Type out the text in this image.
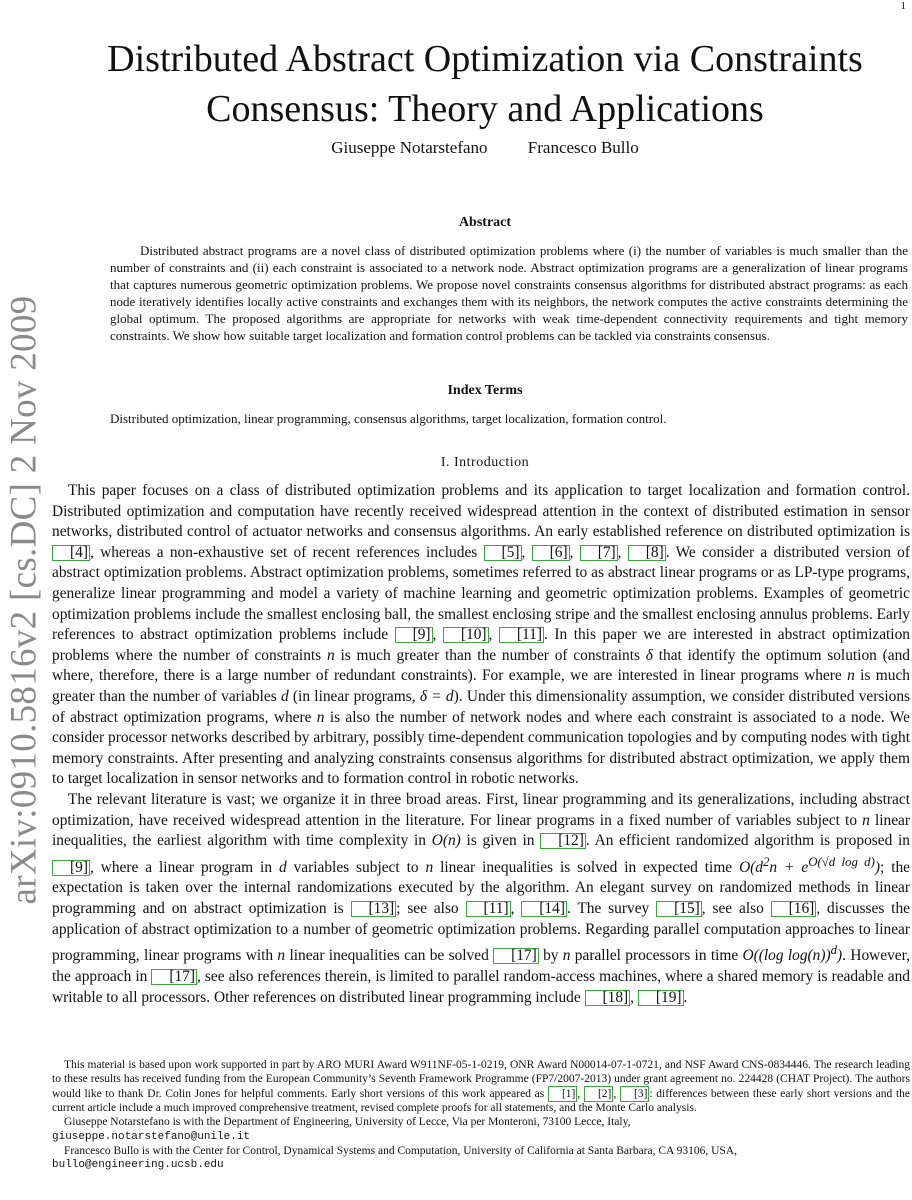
1
arXiv:0910.5816v2 [cs.DC] 2 Nov 2009
Distributed Abstract Optimization via Constraints
Consensus: Theory and Applications
Giuseppe Notarstefano Francesco Bullo
Abstract

Distributed abstract programs are a novel class of distributed optimization problems where (i) the number of variables is much smaller than the number of constraints and (ii) each constraint is associated to a network node. Abstract optimization programs are a generalization of linear programs that captures numerous geometric optimization problems. We propose novel constraints consensus algorithms for distributed abstract programs: as each node iteratively identifies locally active constraints and exchanges them with its neighbors, the network computes the active constraints determining the global optimum. The proposed algorithms are appropriate for networks with weak time-dependent connectivity requirements and tight memory constraints. We show how suitable target localization and formation control problems can be tackled via constraints consensus.

Index Terms

Distributed optimization, linear programming, consensus algorithms, target localization, formation control.

I. Introduction

This paper focuses on a class of distributed optimization problems and its application to target localization and formation control. Distributed optimization and computation have recently received widespread attention in the context of distributed estimation in sensor networks, distributed control of actuator networks and consensus algorithms. An early established reference on distributed optimization is [4] , whereas a non-exhaustive set of recent references includes [5] , [6] , [7] , [8] . We consider a distributed version of abstract optimization problems. Abstract optimization problems, sometimes referred to as abstract linear programs or as LP-type programs, generalize linear programming and model a variety of machine learning and geometric optimization problems. Examples of geometric optimization problems include the smallest enclosing ball, the smallest enclosing stripe and the smallest enclosing annulus problems. Early references to abstract optimization problems include [9] , [10] , [11] . In this paper we are interested in abstract optimization problems where the number of constraints n is much greater than the number of constraints δ that identify the optimum solution (and where, therefore, there is a large number of redundant constraints). For example, we are interested in linear programs where n is much greater than the number of variables d (in linear programs, δ = d). Under this dimensionality assumption, we consider distributed versions of abstract optimization programs, where n is also the number of network nodes and where each constraint is associated to a node. We consider processor networks described by arbitrary, possibly time-dependent communication topologies and by computing nodes with tight memory constraints. After presenting and analyzing constraints consensus algorithms for distributed abstract optimization, we apply them to target localization in sensor networks and to formation control in robotic networks.

The relevant literature is vast; we organize it in three broad areas. First, linear programming and its generalizations, including abstract optimization, have received widespread attention in the literature. For linear programs in a fixed number of variables subject to n linear inequalities, the earliest algorithm with time complexity in O(n) is given in [12] . An efficient randomized algorithm is proposed in [9] , where a linear program in d variables subject to n linear inequalities is solved in expected time $O(d^2n + e^{O(√d log d)})$; the expectation is taken over the internal randomizations executed by the algorithm. An elegant survey on randomized methods in linear programming and on abstract optimization is [13] ; see also [11] , [14] . The survey [15] , see also [16] , discusses the application of abstract optimization to a number of geometric optimization problems. Regarding parallel computation approaches to linear programming, linear programs with n linear inequalities can be solved [17] by n parallel processors in time O((log log(n))$^d$). However, the approach in [17] , see also references therein, is limited to parallel random-access machines, where a shared memory is readable and writable to all processors. Other references on distributed linear programming include [18] , [19] .

This material is based upon work supported in part by ARO MURI Award W911NF-05-1-0219, ONR Award N00014-07-1-0721, and NSF Award CNS-0834446. The research leading to these results has received funding from the European Community’s Seventh Framework Programme (FP7/2007-2013) under grant agreement no. 224428 (CHAT Project). The authors would like to thank Dr. Colin Jones for helpful comments. Early short versions of this work appeared as [1] , [2] , [3] : differences between these early short versions and the current article include a much improved comprehensive treatment, revised complete proofs for all statements, and the Monte Carlo analysis.

Giuseppe Notarstefano is with the Department of Engineering, University of Lecce, Via per Monteroni, 73100 Lecce, Italy,
giuseppe.notarstefano@unile.it

Francesco Bullo is with the Center for Control, Dynamical Systems and Computation, University of California at Santa Barbara, CA 93106, USA,
bullo@engineering.ucsb.edu
